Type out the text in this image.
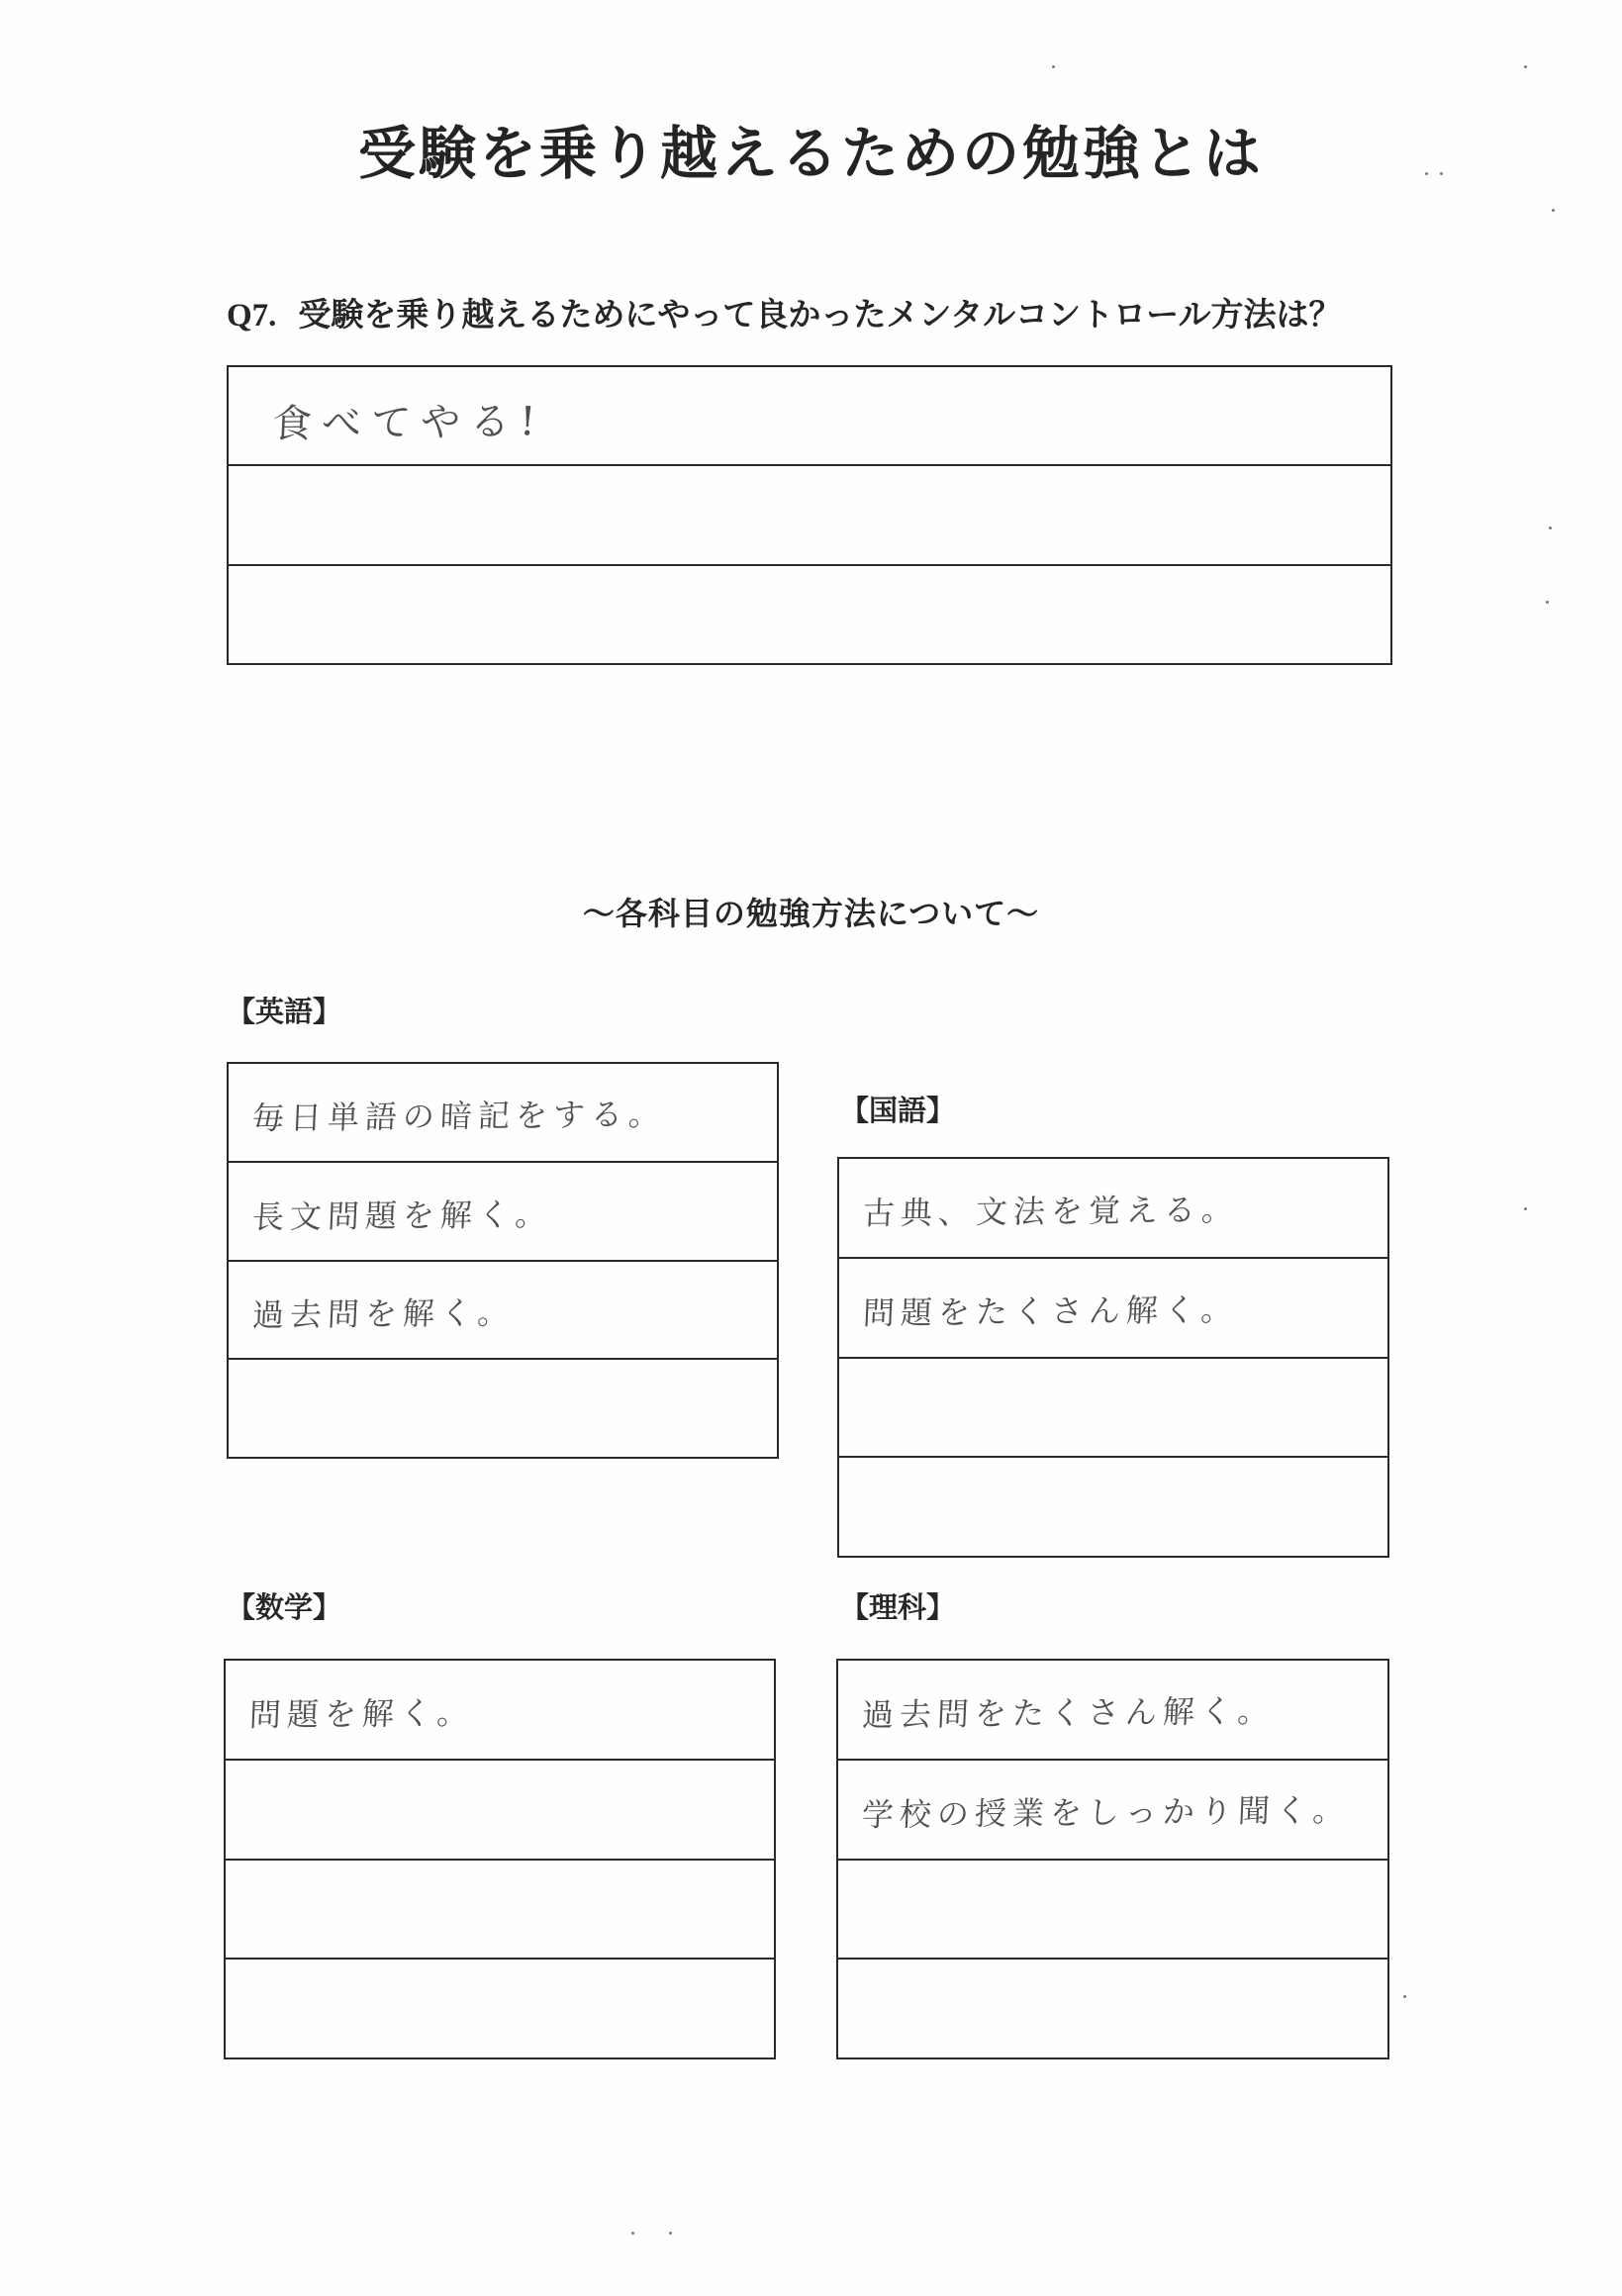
受験を乗り越えるための勉強とは
Q7. 受験を乗り越えるためにやって良かったメンタルコントロール方法は？
食べてやる!
～各科目の勉強方法について～
【英語】
毎日単語の暗記をする。
長文問題を解く。
過去問を解く。
【国語】
古典、文法を覚える。
問題をたくさん解く。
【数学】
問題を解く。
【理科】
過去問をたくさん解く。
学校の授業をしっかり聞く。
